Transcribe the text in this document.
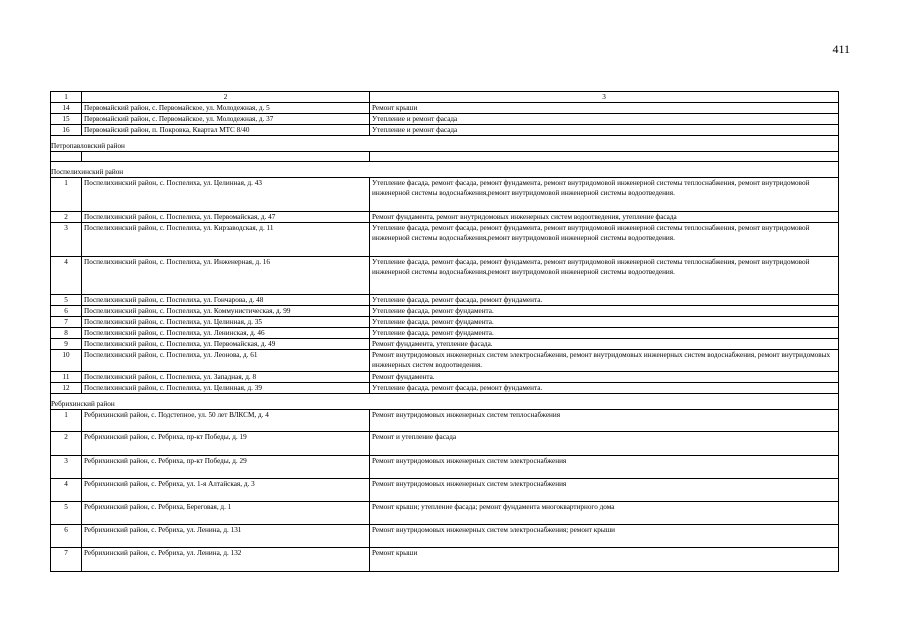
411
1	2	3
14	Первомайский район, с. Первомайское, ул. Молодежная, д. 5	Ремонт крыши
15	Первомайский район, с. Первомайское, ул. Молодежная, д. 37	Утепление и ремонт фасада
16	Первомайский район, п. Покровка, Квартал МТС 8/40	Утепление и ремонт фасада
Петропавловский район		

Поспелихинский район		
1	Поспелихинский район, с. Поспелиха, ул. Целинная, д. 43	Утепление фасада, ремонт фасада, ремонт фундамента, ремонт внутридомовой инженерной системы теплоснабжения, ремонт внутридомовой инженерной системы водоснабжения,ремонт внутридомовой инженерной системы водоотведения.
2	Поспелихинский район, с. Поспелиха, ул. Первомайская, д. 47	Ремонт фундамента, ремонт внутридомовых инженерных систем водоотведения, утепление фасада
3	Поспелихинский район, с. Поспелиха, ул. Кирзаводская, д. 11	Утепление фасада, ремонт фасада, ремонт фундамента, ремонт внутридомовой инженерной системы теплоснабжения, ремонт внутридомовой инженерной системы водоснабжения,ремонт внутридомовой инженерной системы водоотведения.
4	Поспелихинский район, с. Поспелиха, ул. Инженерная, д. 16	Утепление фасада, ремонт фасада, ремонт фундамента, ремонт внутридомовой инженерной системы теплоснабжения, ремонт внутридомовой инженерной системы водоснабжения,ремонт внутридомовой инженерной системы водоотведения.
5	Поспелихинский район, с. Поспелиха, ул. Гончарова, д. 48	Утепление фасада, ремонт фасада, ремонт фундамента.
6	Поспелихинский район, с. Поспелиха, ул. Коммунистическая, д. 99	Утепление фасада, ремонт фундамента.
7	Поспелихинский район, с. Поспелиха, ул. Целинная, д. 35	Утепление фасада, ремонт фундамента.
8	Поспелихинский район, с. Поспелиха, ул. Ленинская, д. 46	Утепление фасада, ремонт фундамента.
9	Поспелихинский район, с. Поспелиха, ул. Первомайская, д. 49	Ремонт фундамента, утепление фасада.
10	Поспелихинский район, с. Поспелиха, ул. Леонова, д. 61	Ремонт внутридомовых инженерных систем электроснабжения, ремонт внутридомовых инженерных систем водоснабжения, ремонт внутридомовых инженерных систем водоотведения.
11	Поспелихинский район, с. Поспелиха, ул. Западная, д. 8	Ремонт фундамента.
12	Поспелихинский район, с. Поспелиха, ул. Целинная, д. 39	Утепление фасада, ремонт фасада, ремонт фундамента.
Ребрихинский район		
1	Ребрихинский район, с. Подстепное, ул. 50 лет ВЛКСМ, д. 4	Ремонт внутридомовых инженерных систем теплоснабжения
2	Ребрихинский район, с. Ребриха, пр-кт Победы, д. 19	Ремонт и утепление фасада
3	Ребрихинский район, с. Ребриха, пр-кт Победы, д. 29	Ремонт внутридомовых инженерных систем электроснабжения
4	Ребрихинский район, с. Ребриха, ул. 1-я Алтайская, д. 3	Ремонт внутридомовых инженерных систем электроснабжения
5	Ребрихинский район, с. Ребриха, Береговая, д. 1	Ремонт крыши; утепление фасада; ремонт фундамента многоквартирного дома
6	Ребрихинский район, с. Ребриха, ул. Ленина, д. 131	Ремонт внутридомовых инженерных систем электроснабжения; ремонт крыши
7	Ребрихинский район, с. Ребриха, ул. Ленина, д. 132	Ремонт крыши
